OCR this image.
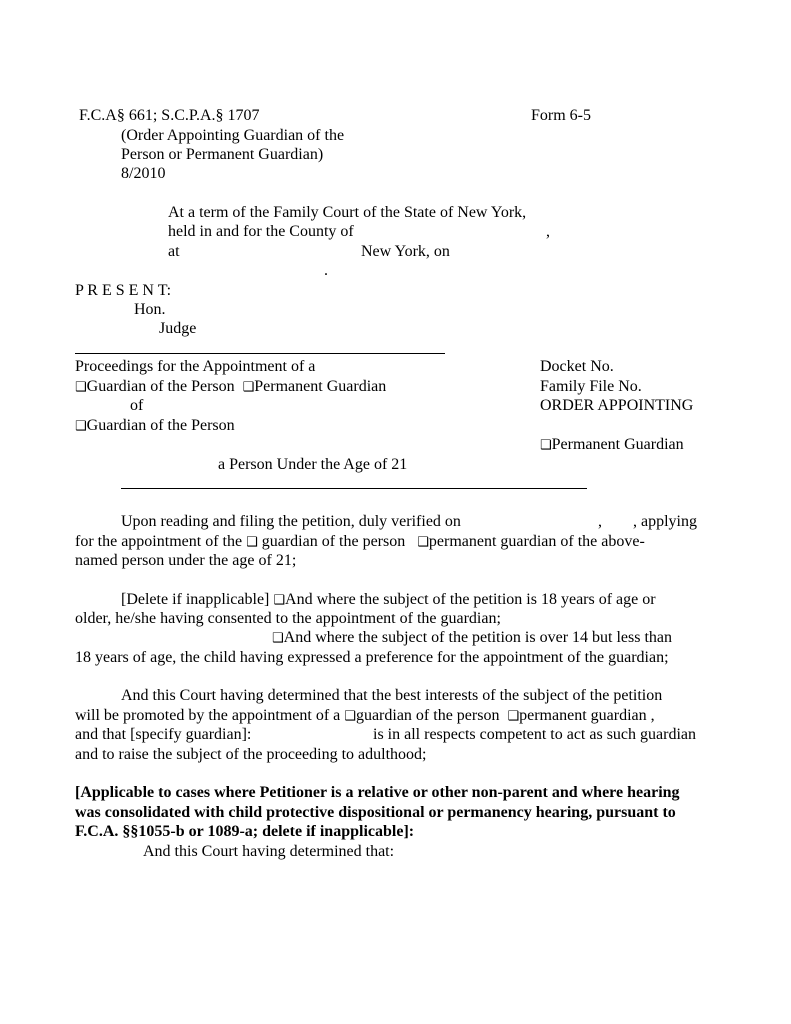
F.C.A§ 661; S.C.P.A.§ 1707	Form 6-5
(Order Appointing Guardian of the
Person or Permanent Guardian)
8/2010
At a term of the Family Court of the State of New York,
held in and for the County of	,
at	New York, on
.
P R E S E N T:
Hon.
Judge
Proceedings for the Appointment of a
❑Guardian of the Person ❑Permanent Guardian
of
❑Guardian of the Person
a Person Under the Age of 21
Docket No.
Family File No.
ORDER APPOINTING
❑Permanent Guardian
Upon reading and filing the petition, duly verified on	, , applying
for the appointment of the ❑ guardian of the person ❑permanent guardian of the above-
named person under the age of 21;
[Delete if inapplicable] ❑And where the subject of the petition is 18 years of age or
older, he/she having consented to the appointment of the guardian;
❑And where the subject of the petition is over 14 but less than
18 years of age, the child having expressed a preference for the appointment of the guardian;
And this Court having determined that the best interests of the subject of the petition
will be promoted by the appointment of a ❑guardian of the person ❑permanent guardian ,
and that [specify guardian]:	is in all respects competent to act as such guardian
and to raise the subject of the proceeding to adulthood;
[Applicable to cases where Petitioner is a relative or other non-parent and where hearing
was consolidated with child protective dispositional or permanency hearing, pursuant to
F.C.A. §§1055-b or 1089-a; delete if inapplicable]:
And this Court having determined that:
